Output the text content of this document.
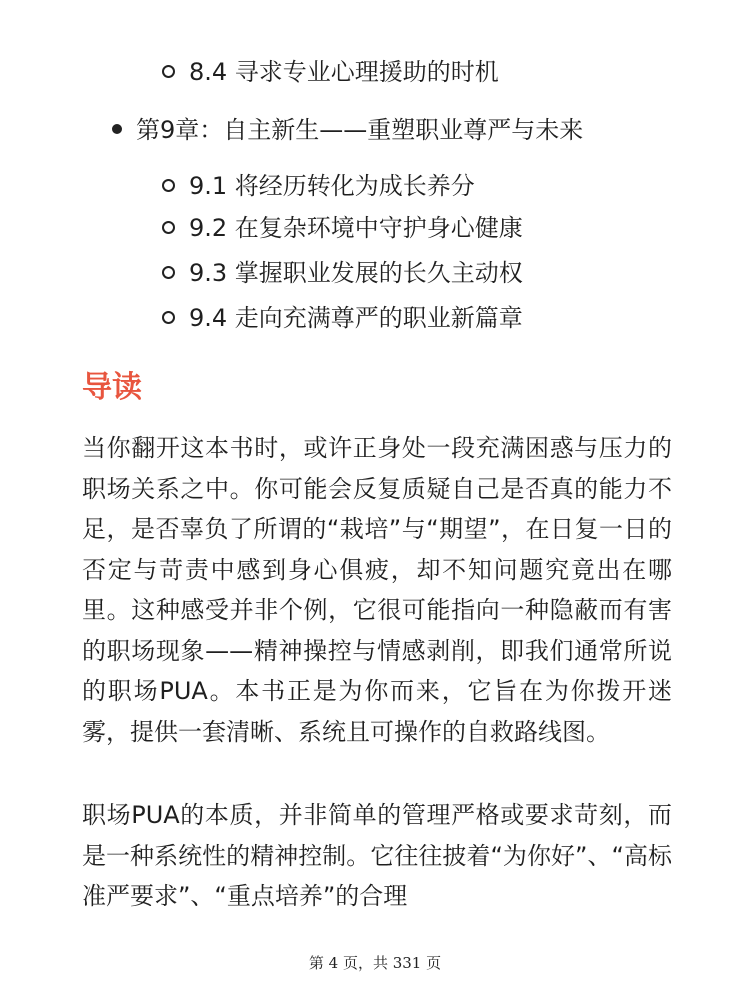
8.4 寻求专业心理援助的时机
第9章：自主新生——重塑职业尊严与未来
9.1 将经历转化为成长养分
9.2 在复杂环境中守护身心健康
9.3 掌握职业发展的长久主动权
9.4 走向充满尊严的职业新篇章
导读
当你翻开这本书时，或许正身处一段充满困惑与压力的职场关系之中。你可能会反复质疑自己是否真的能力不足，是否辜负了所谓的“栽培”与“期望”，在日复一日的否定与苛责中感到身心俱疲，却不知问题究竟出在哪里。这种感受并非个例，它很可能指向一种隐蔽而有害的职场现象——精神操控与情感剥削，即我们通常所说的职场PUA。本书正是为你而来，它旨在为你拨开迷雾，提供一套清晰、系统且可操作的自救路线图。
职场PUA的本质，并非简单的管理严格或要求苛刻，而是一种系统性的精神控制。它往往披着“为你好”、“高标准严要求”、“重点培养”的合理
第 4 页，共 331 页
